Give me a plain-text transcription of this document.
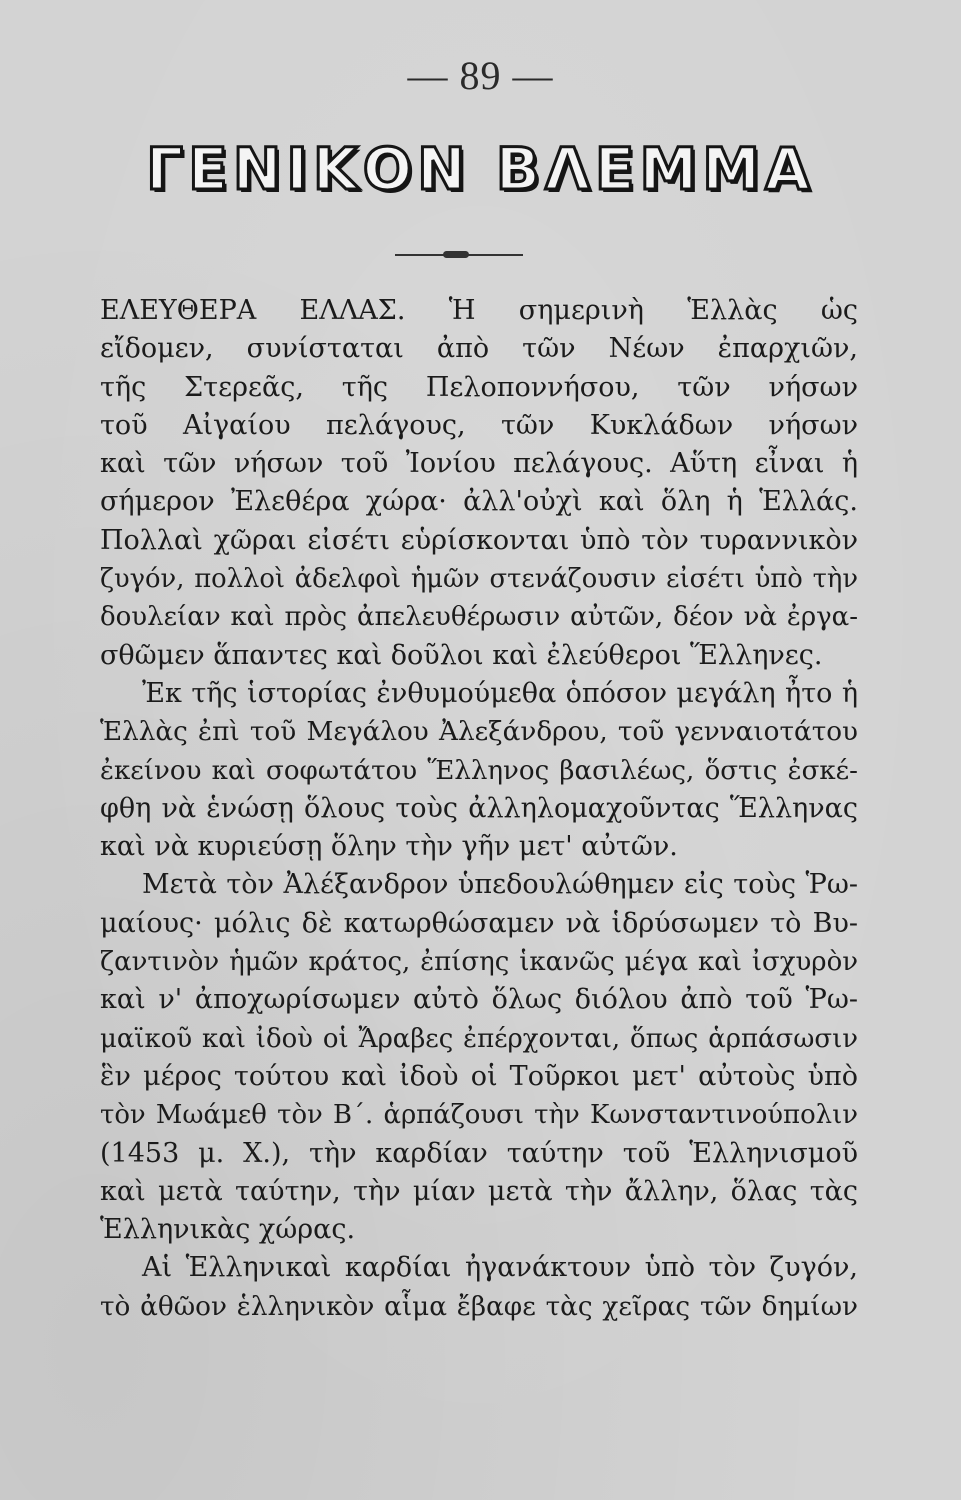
— 89 —
ΓΕΝΙΚΟΝ ΒΛΕΜΜΑ
ΕΛΕΥΘΕΡΑ ΕΛΛΑΣ. Ἡ σημερινὴ Ἑλλὰς ὡς
εἴδομεν, συνίσταται ἀπὸ τῶν Νέων ἐπαρχιῶν,
τῆς Στερεᾶς, τῆς Πελοποννήσου, τῶν νήσων
τοῦ Αἰγαίου πελάγους, τῶν Κυκλάδων νήσων
καὶ τῶν νήσων τοῦ Ἰονίου πελάγους. Αὕτη εἶναι ἡ
σήμερον Ἐλεθέρα χώρα· ἀλλ'οὐχὶ καὶ ὅλη ἡ Ἑλλάς.
Πολλαὶ χῶραι εἰσέτι εὑρίσκονται ὑπὸ τὸν τυραννικὸν
ζυγόν, πολλοὶ ἀδελφοὶ ἡμῶν στενάζουσιν εἰσέτι ὑπὸ τὴν
δουλείαν καὶ πρὸς ἀπελευθέρωσιν αὐτῶν, δέον νὰ ἐργα-
σθῶμεν ἅπαντες καὶ δοῦλοι καὶ ἐλεύθεροι Ἕλληνες.
Ἐκ τῆς ἱστορίας ἐνθυμούμεθα ὁπόσον μεγάλη ἦτο ἡ
Ἑλλὰς ἐπὶ τοῦ Μεγάλου Ἀλεξάνδρου, τοῦ γενναιοτάτου
ἐκείνου καὶ σοφωτάτου Ἕλληνος βασιλέως, ὅστις ἐσκέ-
φθη νὰ ἑνώσῃ ὅλους τοὺς ἀλληλομαχοῦντας Ἕλληνας
καὶ νὰ κυριεύσῃ ὅλην τὴν γῆν μετ' αὐτῶν.
Μετὰ τὸν Ἀλέξανδρον ὑπεδουλώθημεν εἰς τοὺς Ῥω-
μαίους· μόλις δὲ κατωρθώσαμεν νὰ ἱδρύσωμεν τὸ Βυ-
ζαντινὸν ἡμῶν κράτος, ἐπίσης ἱκανῶς μέγα καὶ ἰσχυρὸν
καὶ ν' ἀποχωρίσωμεν αὐτὸ ὅλως διόλου ἀπὸ τοῦ Ῥω-
μαϊκοῦ καὶ ἰδοὺ οἱ Ἄραβες ἐπέρχονται, ὅπως ἁρπάσωσιν
ἓν μέρος τούτου καὶ ἰδοὺ οἱ Τοῦρκοι μετ' αὐτοὺς ὑπὸ
τὸν Μωάμεθ τὸν Β΄. ἁρπάζουσι τὴν Κωνσταντινούπολιν
(1453 μ. Χ.), τὴν καρδίαν ταύτην τοῦ Ἑλληνισμοῦ
καὶ μετὰ ταύτην, τὴν μίαν μετὰ τὴν ἄλλην, ὅλας τὰς
Ἑλληνικὰς χώρας.
Αἱ Ἑλληνικαὶ καρδίαι ἠγανάκτουν ὑπὸ τὸν ζυγόν,
τὸ ἀθῶον ἑλληνικὸν αἷμα ἔβαφε τὰς χεῖρας τῶν δημίων
